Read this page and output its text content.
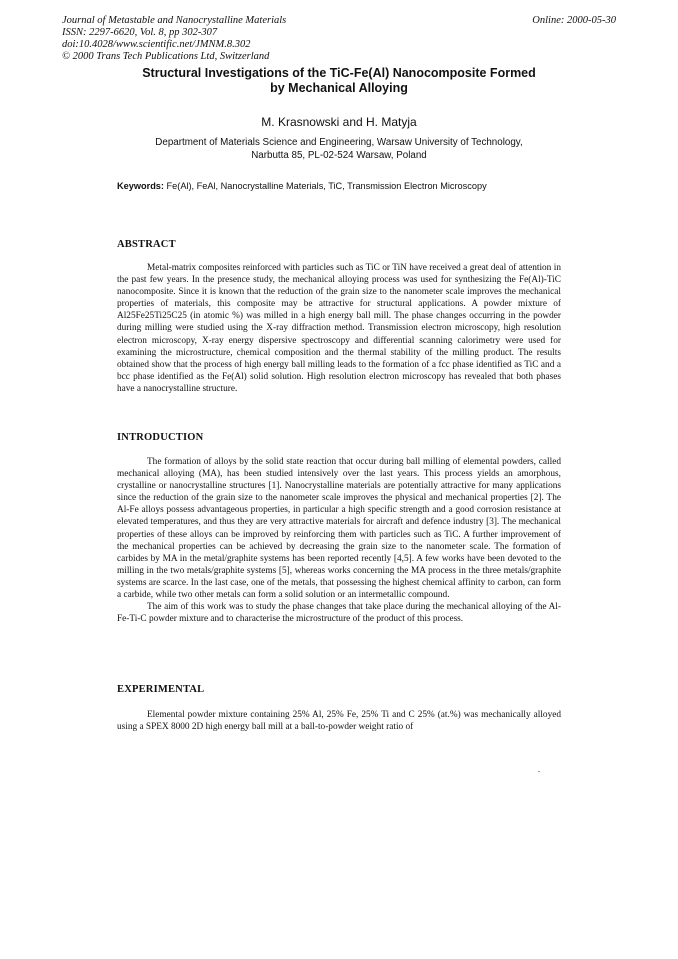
Journal of Metastable and Nanocrystalline Materials
ISSN: 2297-6620, Vol. 8, pp 302-307
doi:10.4028/www.scientific.net/JMNM.8.302
© 2000 Trans Tech Publications Ltd, Switzerland
Online: 2000-05-30
Structural Investigations of the TiC-Fe(Al) Nanocomposite Formed
by Mechanical Alloying
M. Krasnowski and H. Matyja
Department of Materials Science and Engineering, Warsaw University of Technology,
Narbutta 85, PL-02-524 Warsaw, Poland
Keywords: Fe(Al), FeAl, Nanocrystalline Materials, TiC, Transmission Electron Microscopy
ABSTRACT

Metal-matrix composites reinforced with particles such as TiC or TiN have received a great deal of attention in the past few years. In the presence study, the mechanical alloying process was used for synthesizing the Fe(Al)-TiC nanocomposite. Since it is known that the reduction of the grain size to the nanometer scale improves the mechanical properties of materials, this composite may be attractive for structural applications. A powder mixture of Al25Fe25Ti25C25 (in atomic %) was milled in a high energy ball mill. The phase changes occurring in the powder during milling were studied using the X-ray diffraction method. Transmission electron microscopy, high resolution electron microscopy, X-ray energy dispersive spectroscopy and differential scanning calorimetry were used for examining the microstructure, chemical composition and the thermal stability of the milling product. The results obtained show that the process of high energy ball milling leads to the formation of a fcc phase identified as TiC and a bcc phase identified as the Fe(Al) solid solution. High resolution electron microscopy has revealed that both phases have a nanocrystalline structure.

INTRODUCTION

The formation of alloys by the solid state reaction that occur during ball milling of elemental powders, called mechanical alloying (MA), has been studied intensively over the last years. This process yields an amorphous, crystalline or nanocrystalline structures [1]. Nanocrystalline materials are potentially attractive for many applications since the reduction of the grain size to the nanometer scale improves the physical and mechanical properties [2]. The Al-Fe alloys possess advantageous properties, in particular a high specific strength and a good corrosion resistance at elevated temperatures, and thus they are very attractive materials for aircraft and defence industry [3]. The mechanical properties of these alloys can be improved by reinforcing them with particles such as TiC. A further improvement of the mechanical properties can be achieved by decreasing the grain size to the nanometer scale. The formation of carbides by MA in the metal/graphite systems has been reported recently [4,5]. A few works have been devoted to the milling in the two metals/graphite systems [5], whereas works concerning the MA process in the three metals/graphite systems are scarce. In the last case, one of the metals, that possessing the highest chemical affinity to carbon, can form a carbide, while two other metals can form a solid solution or an intermetallic compound.

The aim of this work was to study the phase changes that take place during the mechanical alloying of the Al-Fe-Ti-C powder mixture and to characterise the microstructure of the product of this process.

EXPERIMENTAL

Elemental powder mixture containing 25% Al, 25% Fe, 25% Ti and C 25% (at.%) was mechanically alloyed using a SPEX 8000 2D high energy ball mill at a ball-to-powder weight ratio of
